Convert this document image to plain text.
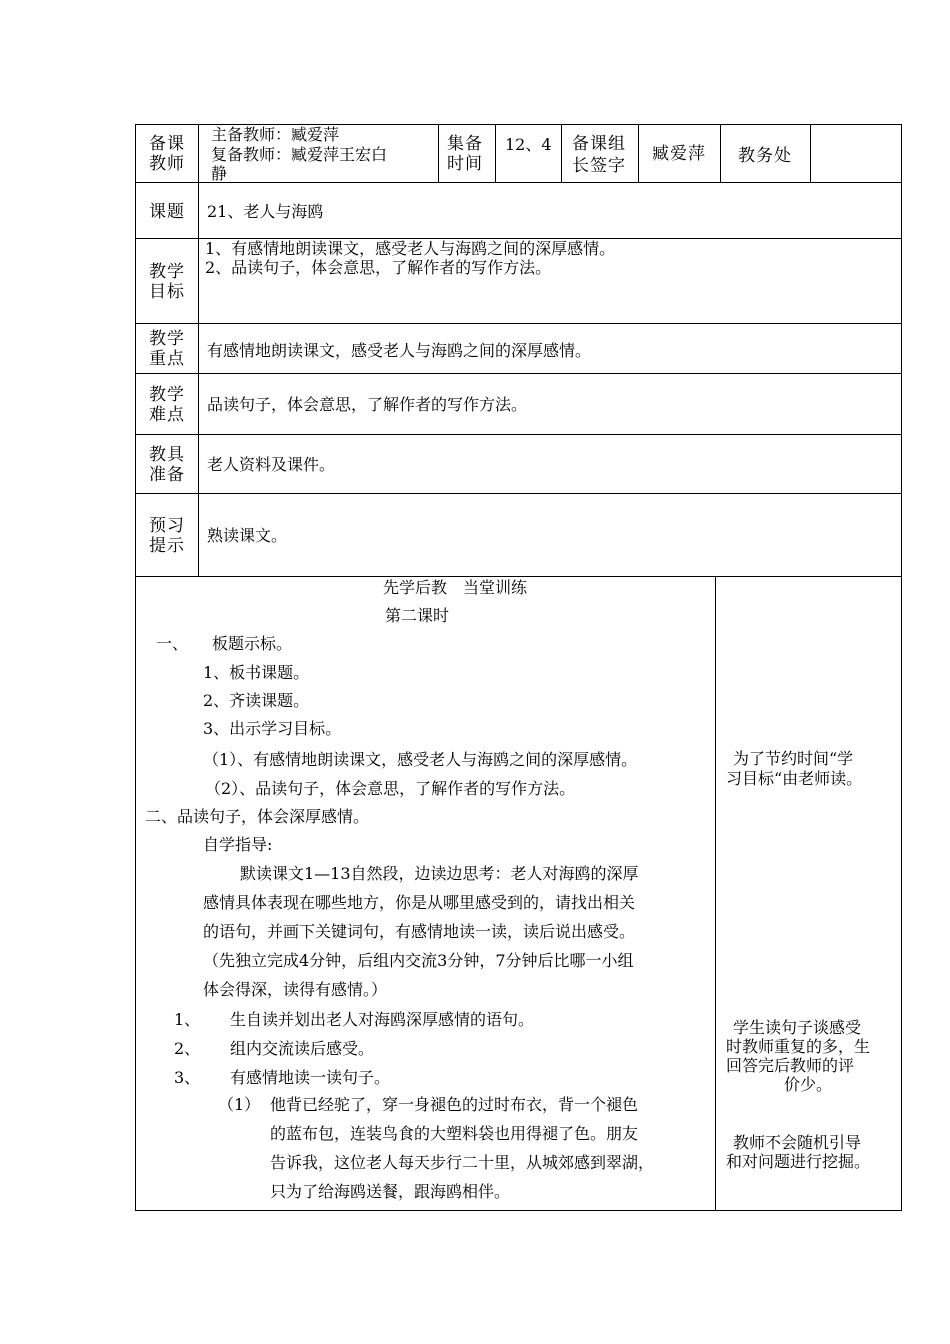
备课
教师
主备教师：臧爱萍
复备教师：臧爱萍王宏白
静
集备
时间
12、4 备课组
长签字
臧爱萍 教务处
课题 21、老人与海鸥
教学
目标
1、有感情地朗读课文，感受老人与海鸥之间的深厚感情。
2、品读句子，体会意思，了解作者的写作方法。
教学
重点 有感情地朗读课文，感受老人与海鸥之间的深厚感情。
教学
难点
品读句子，体会意思，了解作者的写作方法。
教具
准备
老人资料及课件。
预习
提示
熟读课文。
先学后教　当堂训练
第二课时
一、　　板题示标。
1、板书课题。
2、齐读课题。
3、出示学习目标。
（1）、有感情地朗读课文，感受老人与海鸥之间的深厚感情。
（2）、品读句子，体会意思，了解作者的写作方法。
二、品读句子，体会深厚感情。
自学指导:
默读课文1—13自然段，边读边思考：老人对海鸥的深厚
感情具体表现在哪些地方，你是从哪里感受到的，请找出相关
的语句，并画下关键词句，有感情地读一读，读后说出感受。
（先独立完成4分钟，后组内交流3分钟，7分钟后比哪一小组
体会得深，读得有感情。）
1、 生自读并划出老人对海鸥深厚感情的语句。
2、 组内交流读后感受。
3、 有感情地读一读句子。
（1） 他背已经驼了，穿一身褪色的过时布衣，背一个褪色
的蓝布包，连装鸟食的大塑料袋也用得褪了色。朋友
告诉我，这位老人每天步行二十里，从城郊感到翠湖，
只为了给海鸥送餐，跟海鸥相伴。
为了节约时间“学
习目标“由老师读。
学生读句子谈感受
时教师重复的多，生
回答完后教师的评
价少。
教师不会随机引导
和对问题进行挖掘。
